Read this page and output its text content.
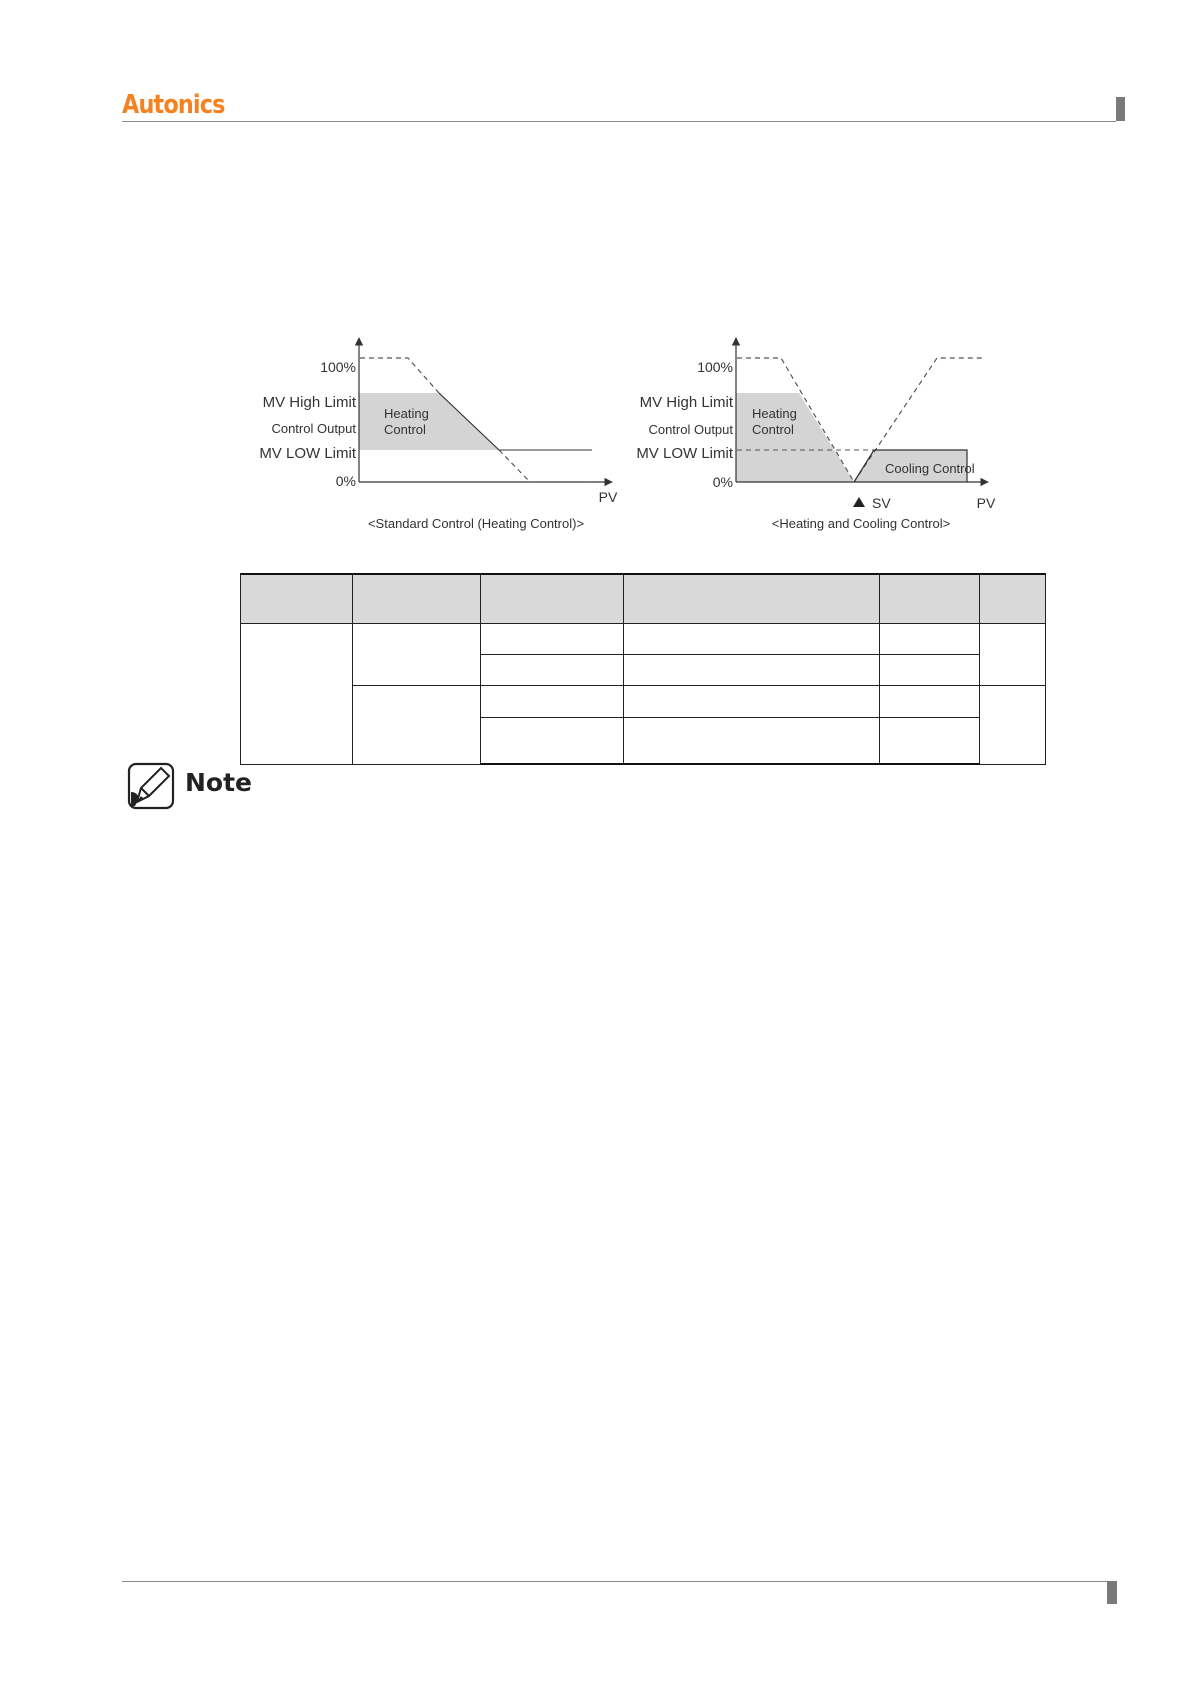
Autonics
100%
MV High Limit
Control Output
MV LOW Limit
0%
Heating
Control
PV
<Standard Control (Heating Control)>
100%
MV High Limit
Control Output
MV LOW Limit
0%
Heating
Control
Cooling Control
SV	PV
<Heating and Cooling Control>

Note
